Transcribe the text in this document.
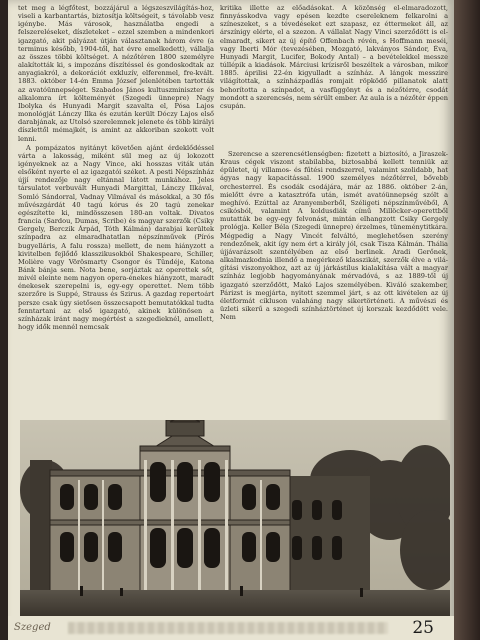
tet meg a légfőtest, bozzájárul a légszeszvilágítás-hoz, viseli a karbantartás, biztosítja költségeit, s távolabb vesz igénybe. Más városok, használatba engedi a felszereléseket, díszleteket – ezzel szemben a mindenkori igazgató, akit pályázat útján választanak három évre (a terminus később, 1904-től, hat évre emelkedett), vállalja az összes többi költséget. A nézőtéren 1800 személyre alakították ki, s impozáns díszítéssel és gondoskodtak az anyagiakról, a dekorációt exkluzív, elferenmel, fre-kvált. 1883. október 14-én Emma József jelenlétében tartották az avatóünnepséget. Szabados János kultuszminiszter és alkalomra írt költeményét (Szegedi ünnepre) Nagy Ibolyka és Hunyadi Margit szavalta el, Pósa Lajos monológját Lánczy Ilka és ezután került Dóczy Lajos első darabjának, az Utolsó szerelemnek jelenete és több királyi díszlettől mémajkét, is amint az akkoriban szokott volt lenni.

A pompázatos nyitányt követően ajánt érdeklődéssel várta a lakosság, miként sül meg az új lokozott igényeknek az a Nagy Vince, aki hosszas viták után elsőként nyerte el az igazgatói széket. A pesti Népszínház újjí rendezője nagy eltánnal látott munkához. Jeles társulatot verbuvált Hunyadi Margittal, Lánczy Ilkával, Somló Sándorral, Vadnay Vilmával és másokkal, a 30 fős művészgárdát 40 tagú kórus és 20 tagú zenekar egészítette ki, mindösszesen 180-an voltak. Divatos francia (Sardou, Dumas, Scribe) és magyar szerzők (Csiky Gergely, Berczik Árpád, Tóth Kálmán) darabjai kerültek színpadra az elmaradhatatlan népszínművek (Pírós bugyelláris, A falu rossza) mellett, de nem hiányzott a kivitelben fejlődő klasszikusokból Shakespeare, Schiller, Molière vagy Vörösmarty Csongor és Tündéje, Katona Bánk bánja sem. Nota bene, sorjáztak az operettek sőt, mivél eleinte nem nagyon opera-énekes hiányzott, maradt énekesek szerepelni is, egy-egy operettet. Nem több szerzőre is Suppé, Strauss és Szirus. A gazdag repertoárt persze csak úgy sietősen összecsapott bemutatókkal tudta fenntartani az első igazgató, akinek különösen a színházak iránt nagy megértést a szegedieknél, amellett, hogy idők mennél nemcsak

kritika illette az előadásokat. A közönség el-elmaradozott, finnyásskodva vagy epésen kezdte csereleknem felkarolni a színeszeket, s a tévedéseket ezt szapasz, ez éttermeket áll, az árszínigy elérte, el a szezon. A vállalat Nagy Vinci szerződött is el-elmaradt, sikert az új építő Offenbach révén, s Hoffmann meséi, vagy Iberti Mór (tevezésében, Mozgató, lakványos Sándor, Éva, Hunyadi Margit, Lucifer, Bokody Antal) – a bevételekkel messze túllépik a kiadások. Márciusi krízisről beszéltek a városban, mikor 1885. áprilisi 22-én kigyulladt a színház. A lángok messzire világítottak, a színházpadlás romjait röpködő pillanatok alatt behorította a színpadot, a vasfüggönyt és a nézőtérre, csodát mondott a szerencsés, nem sérült ember. Az aula is a nézőtér éppen csupán.

Szerencse a szerencsétlenségben: fizetett a biztosító, a Jiraszek-Kraus cégek viszont stabilabba, biztosabbá kellett tenniük az épületet, új villamos- és fűtési rendszerrel, valamint szolidabb, hat ágyas nagy kapacitással. 1900 személyes nézőtérrel, bővebb orchesterrel. És csodák csodájára, már az 1886. október 2-án, mielőtt évre a katasztrófa után, ismét avatóünnepség szólt a meghívó. Ezúttal az Aranyemberből, Széligeti népszínművéből, A csikósból, valamint A koldusdiák című Millöcker-operettből mutatták be egy-egy felvonást, mintán elhangzott Csiky Gergely prológja. Keller Béla (Szegedi ünnepre) érzelmes, tüneménytitkára. Mégpedig a Nagy Vincét felváltó, meglehetősen szerény rendezőnek, akit így nem ért a király jól, csak Tisza Kálmán. Thália újjávarázsolt szentélyében az első berlinek. Aradi Gerőnek, alkalmazkodnia illendő a megérkező klasszikát, szerzők élve a vilá-gítási viszonyokhoz, azt az új járkástílus kialakítása vált a magyar színház legjobb hagyományának mérvadóvá, s az 1889-től új igazgató szerződött, Makó Lajos személyében. Kiváló szakember, Párizst is megjárta, nyitott szemmel járt, s az ott kivételen az új életformát cikluson valaháng nagy sikertörténeti. A művészi és üzleti sikerű a szegedi színháztörténet új korszak kezdődött vele. Nem

Szeged	25
